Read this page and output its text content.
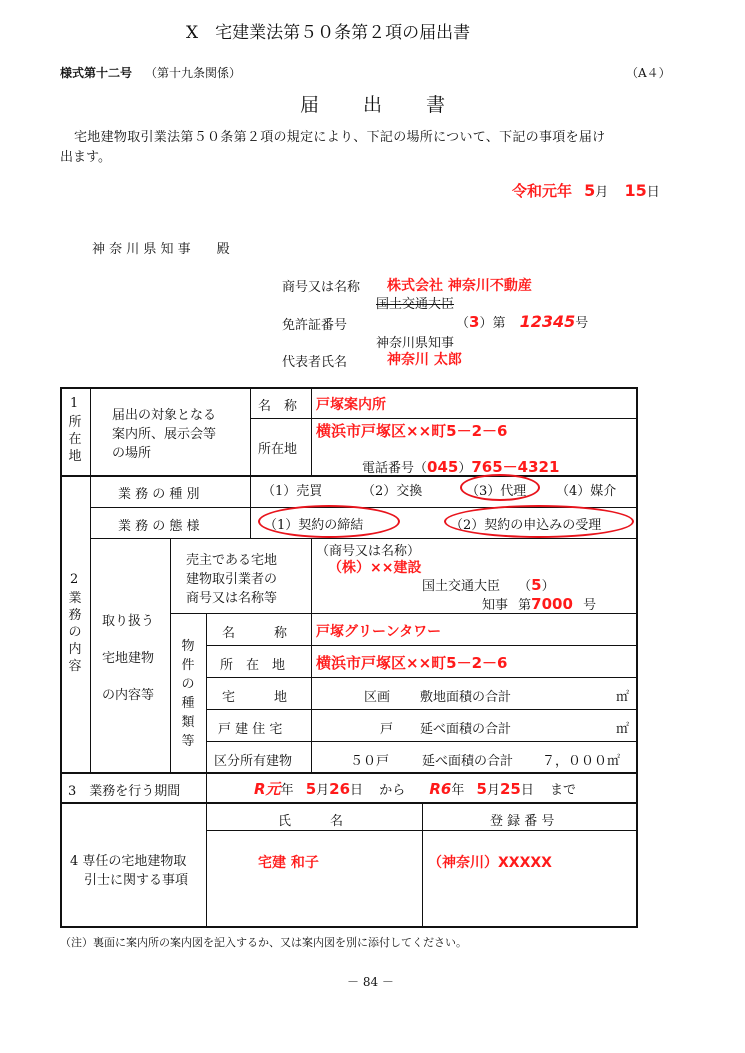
Ⅹ　宅建業法第５０条第２項の届出書
様式第十二号 （第十九条関係）	（A４）
届　　出　　書
宅地建物取引業法第５０条第２項の規定により、下記の場所について、下記の事項を届け
出ます。
令和元年 5月 15日
神 奈 川 県 知 事　　殿
商号又は名称 株式会社 神奈川不動産
国土交通大臣
免許証番号	（3）第 12345号
神奈川県知事
代表者氏名	神奈川 太郎
1
所在地
届出の対象となる
案内所、展示会等
の場所
名　称 戸塚案内所
所在地
横浜市戸塚区××町5－2－6
電話番号（045）765－4321
2
業務の内容
業 務 の 種 別	（1）売買	（2）交換	（3）代理 （4）媒介
業 務 の 態 様	（1）契約の締結	（2）契約の申込みの受理
取り扱う
宅地建物
の内容等
売主である宅地
建物取引業者の
商号又は名称等
（商号又は名称）
（株）××建設
国土交通大臣 （5）
知事 第7000 号
物件の種類等
名　　　称 戸塚グリーンタワー
所　在　地 横浜市戸塚区××町5－2－6
宅　　　地	区画 敷地面積の合計	㎡
戸 建 住 宅	戸 延べ面積の合計	㎡
区分所有建物	５０戸	延べ面積の合計 ７，０００㎡
3　業務を行う期間	R元年 5月26日 から R6年 5月25日 まで
4 専任の宅地建物取
引士に関する事項
氏　　　名	登 録 番 号
宅建 和子	（神奈川）XXXXX
（注）裏面に案内所の案内図を記入するか、又は案内図を別に添付してください。
－ 84 －
